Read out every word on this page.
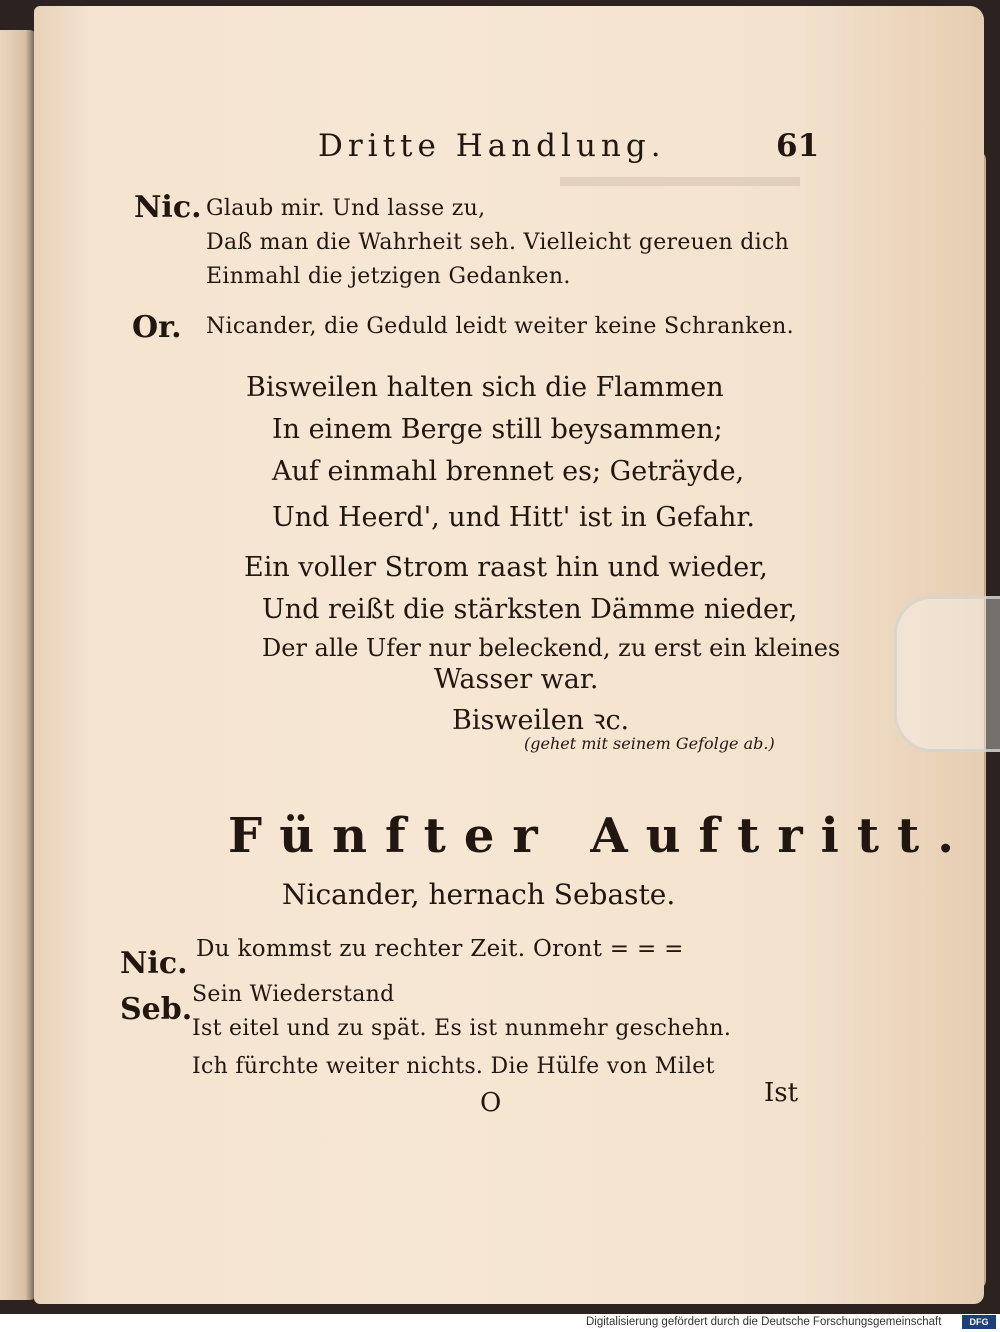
▬▬▬▬▬▬▬▬
Dritte Handlung.	61
Nic. Glaub mir. Und lasse zu,
Daß man die Wahrheit seh. Vielleicht gereuen dich
Einmahl die jetzigen Gedanken.
Or. Nicander, die Geduld leidt weiter keine Schranken.
Bisweilen halten sich die Flammen
In einem Berge still beysammen;
Auf einmahl brennet es; Geträyde,
Und Heerd', und Hitt' ist in Gefahr.
Ein voller Strom raast hin und wieder,
Und reißt die stärksten Dämme nieder,
Der alle Ufer nur beleckend, zu erst ein kleines
Wasser war.
Bisweilen ꝛc.
(gehet mit seinem Gefolge ab.)
Fünfter Auftritt.
Nicander, hernach Sebaste.
Nic. Du kommst zu rechter Zeit. Oront = = =
Seb. Sein Wiederstand
Ist eitel und zu spät. Es ist nunmehr geschehn.
Ich fürchte weiter nichts. Die Hülfe von Milet
O	Ist
Digitalisierung gefördert durch die Deutsche Forschungsgemeinschaft	DFG
